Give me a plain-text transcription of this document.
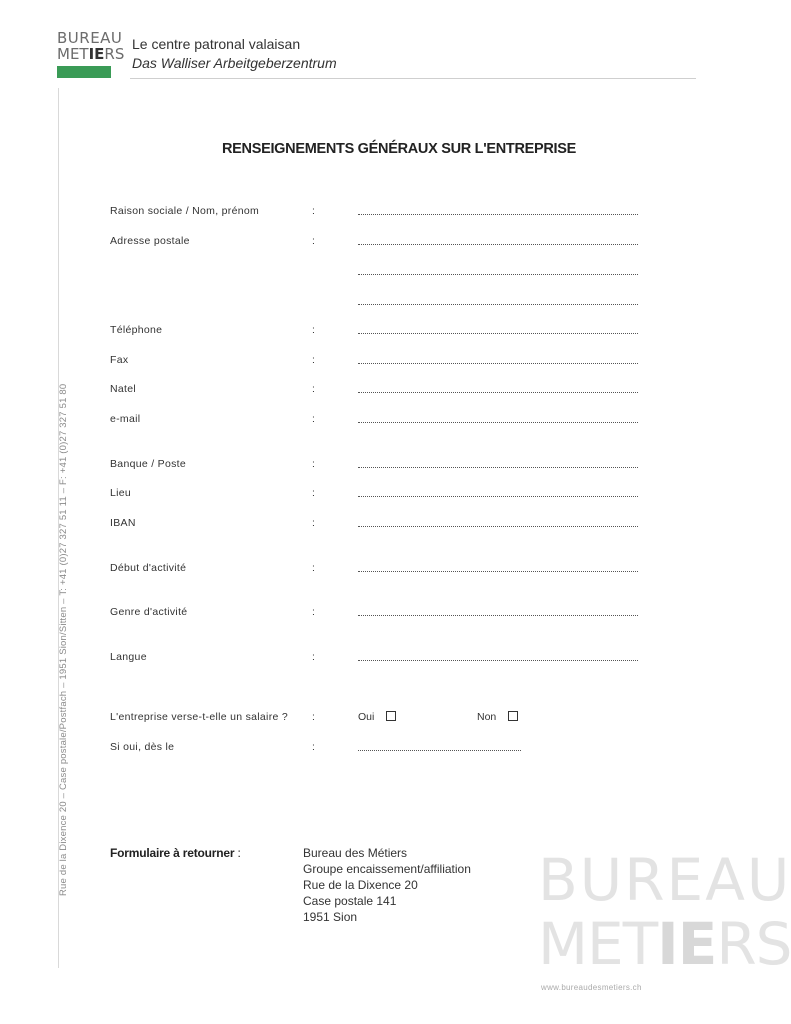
BUREAU
METIERS
Le centre patronal valaisan
Das Walliser Arbeitgeberzentrum
Rue de la Dixence 20 – Case postale/Postfach – 1951 Sion/Sitten – T: +41 (0)27 327 51 11 – F: +41 (0)27 327 51 80
RENSEIGNEMENTS GÉNÉRAUX SUR L'ENTREPRISE
Raison sociale / Nom, prénom	:
Adresse postale	:
Téléphone	:
Fax	:
Natel	:
e-mail	:
Banque / Poste	:
Lieu	:
IBAN	:
Début d'activité	:
Genre d'activité	:
Langue	:
L'entreprise verse-t-elle un salaire ? :	Oui	Non
Si oui, dès le	:
Formulaire à retourner :	Bureau des Métiers
Groupe encaissement/affiliation
Rue de la Dixence 20
Case postale 141
1951 Sion
BUREAU
METIERS
www.bureaudesmetiers.ch
